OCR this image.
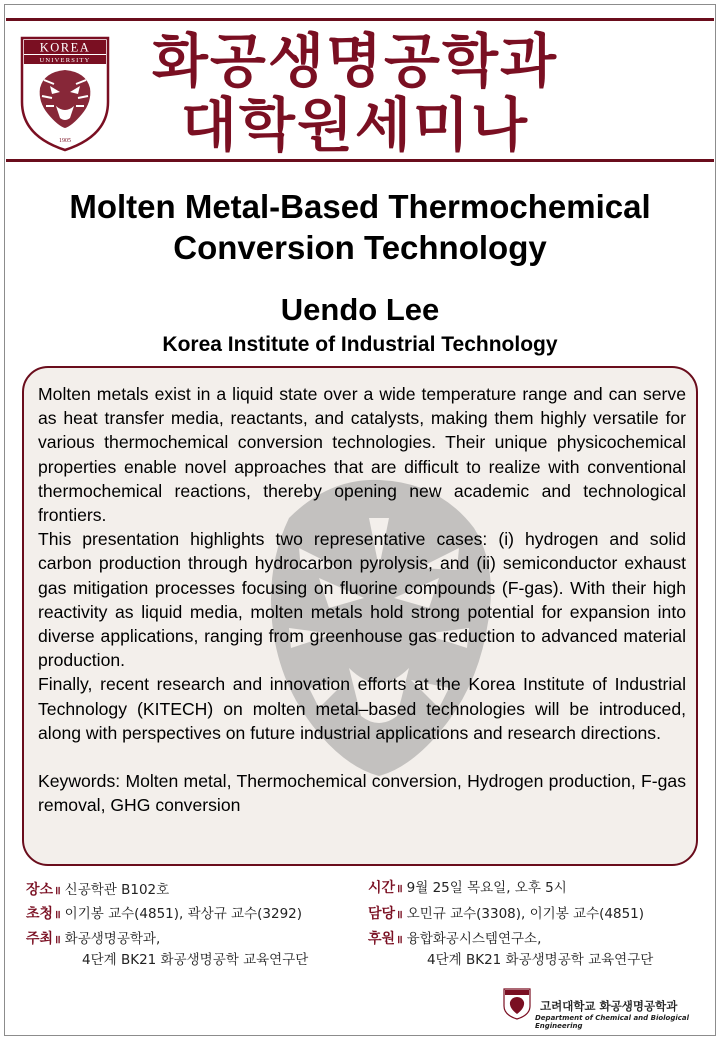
KOREA
UNIVERSITY
1905
화공생명공학과
대학원세미나
Molten Metal-Based Thermochemical Conversion Technology
Uendo Lee
Korea Institute of Industrial Technology

Molten metals exist in a liquid state over a wide temperature range and can serve as heat transfer media, reactants, and catalysts, making them highly versatile for various thermochemical conversion technologies. Their unique physicochemical properties enable novel approaches that are difficult to realize with conventional thermochemical reactions, thereby opening new academic and technological frontiers.

This presentation highlights two representative cases: (i) hydrogen and solid carbon production through hydrocarbon pyrolysis, and (ii) semiconductor exhaust gas mitigation processes focusing on fluorine compounds (F-gas). With their high reactivity as liquid media, molten metals hold strong potential for expansion into diverse applications, ranging from greenhouse gas reduction to advanced material production.

Finally, recent research and innovation efforts at the Korea Institute of Industrial Technology (KITECH) on molten metal–based technologies will be introduced, along with perspectives on future industrial applications and research directions.

Keywords: Molten metal, Thermochemical conversion, Hydrogen production, F-gas removal, GHG conversion

장소॥ 신공학관 B102호
초청॥ 이기봉 교수(4851), 곽상규 교수(3292)
주최॥ 화공생명공학과,
4단계 BK21 화공생명공학 교육연구단
시간॥ 9월 25일 목요일, 오후 5시
담당॥ 오민규 교수(3308), 이기봉 교수(4851)
후원॥ 융합화공시스템연구소,
4단계 BK21 화공생명공학 교육연구단
고려대학교 화공생명공학과
Department of Chemical and Biological Engineering
